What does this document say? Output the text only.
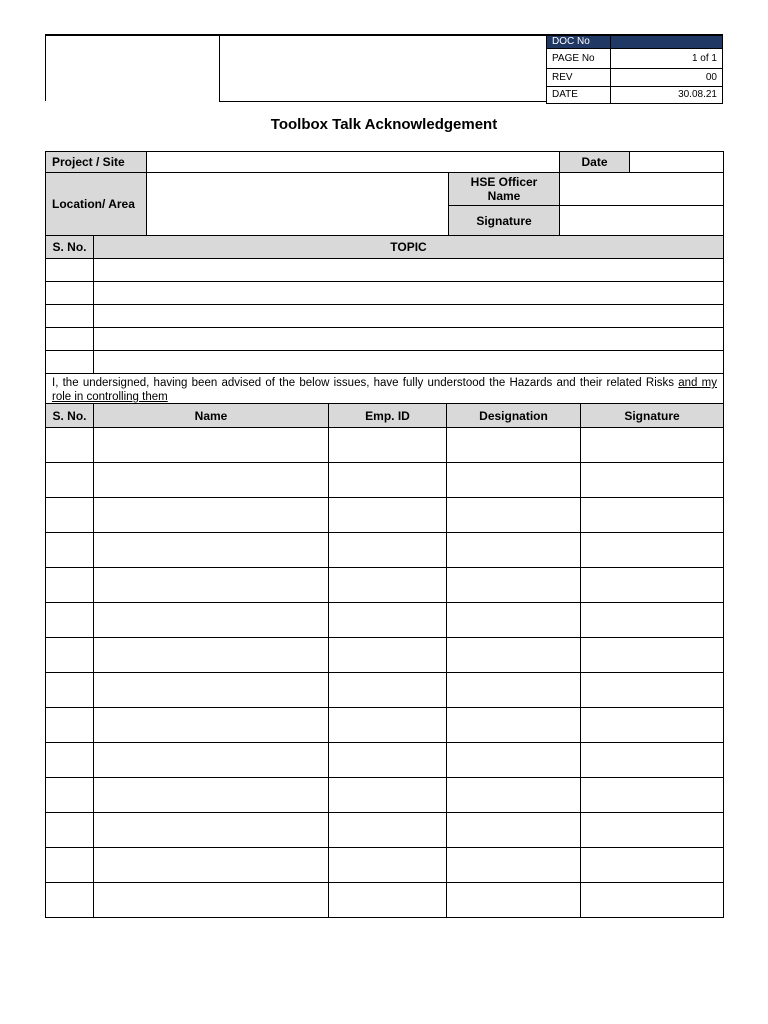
DOC No	
PAGE No	1 of 1
REV	00
DATE	30.08.21
Toolbox Talk Acknowledgement
Project / Site			Date	
Location/ Area		HSE Officer Name		
		Signature		
S. No.	TOPIC

I, the undersigned, having been advised of the below issues, have fully understood the Hazards and their related Risks and my role in controlling them	
S. No.	Name	Emp. ID	Designation	Signature
